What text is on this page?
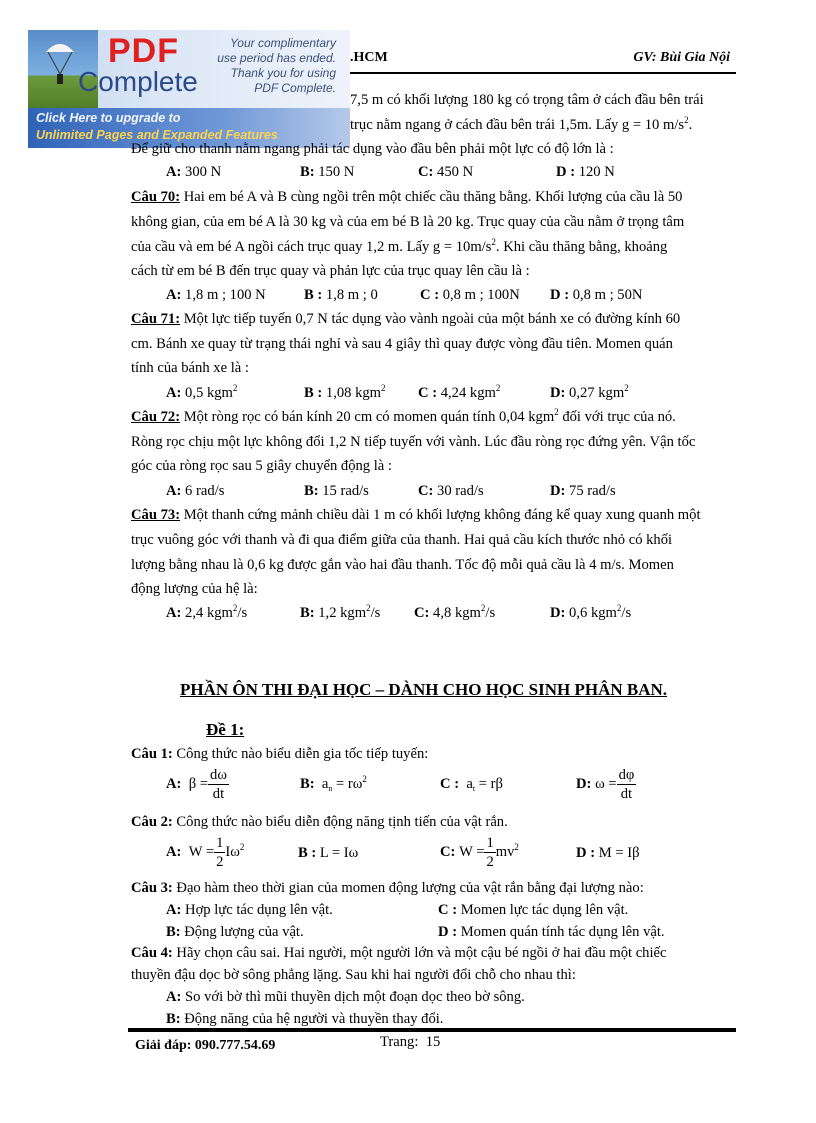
.HCM	GV: Bùi Gia Nội
PDF
Complete
Your complimentary
use period has ended.
Thank you for using
PDF Complete.
Click Here to upgrade to
Unlimited Pages and Expanded Features
7,5 m có khối lượng 180 kg có trọng tâm ở cách đầu bên trái
trục nằm ngang ở cách đầu bên trái 1,5m. Lấy g = 10 $m/s^2$.
Để giữ cho thanh nằm ngang phải tác dụng vào đầu bên phải một lực có độ lớn là :
A: 300 N	B: 150 N	C: 450 N	D : 120 N
Câu 70: Hai em bé A và B cùng ngồi trên một chiếc cầu thăng bằng. Khối lượng của cầu là 50
không gian, của em bé A là 30 kg và của em bé B là 20 kg. Trục quay của cầu nằm ở trọng tâm
của cầu và em bé A ngồi cách trục quay 1,2 m. Lấy $g = 10m/s^2$. Khi cầu thăng bằng, khoảng
cách từ em bé B đến trục quay và phản lực của trục quay lên cầu là :
A: 1,8 m ; 100 N	B : 1,8 m ; 0	C : 0,8 m ; 100N D : 0,8 m ; 50N
Câu 71: Một lực tiếp tuyến 0,7 N tác dụng vào vành ngoài của một bánh xe có đường kính 60
cm. Bánh xe quay từ trạng thái nghỉ và sau 4 giây thì quay được vòng đầu tiên. Momen quán
tính của bánh xe là :
A: 0,5 kgm$^2$	B : 1,08 kgm$^2$ C : 4,24 kgm$^2$	D: 0,27 kgm$^2$
Câu 72: Một ròng rọc có bán kính 20 cm có momen quán tính 0,04 kgm$^2$ đối với trục của nó.
Ròng rọc chịu một lực không đổi 1,2 N tiếp tuyến với vành. Lúc đầu ròng rọc đứng yên. Vận tốc
góc của ròng rọc sau 5 giây chuyển động là :
A: 6 rad/s	B: 15 rad/s	C: 30 rad/s	D: 75 rad/s
Câu 73: Một thanh cứng mảnh chiều dài 1 m có khối lượng không đáng kể quay xung quanh một
trục vuông góc với thanh và đi qua điểm giữa của thanh. Hai quả cầu kích thước nhỏ có khối
lượng bằng nhau là 0,6 kg được gắn vào hai đầu thanh. Tốc độ mỗi quả cầu là 4 m/s. Momen
động lượng của hệ là:
A: 2,4 kgm$^2$/s	B: 1,2 kgm$^2$/s C: 4,8 kgm$^2$/s	D: 0,6 kgm$^2$/s
PHẦN ÔN THI ĐẠI HỌC – DÀNH CHO HỌC SINH PHÂN BAN.
Đề 1:
Câu 1: Công thức nào biểu diễn gia tốc tiếp tuyến:
A: $\beta = \frac{d\omega}{dt}$	B:  $a_n = r\omega^2$	C :  $a_t = r\beta$	D: $\omega = \frac{d\varphi}{dt}$
Câu 2: Công thức nào biểu diễn động năng tịnh tiến của vật rắn.
A: $W = \frac{1}{2} I\omega^2$	B : L = Iω	C: $W = \frac{1}{2} mv^2$	D : M = Iβ
Câu 3: Đạo hàm theo thời gian của momen động lượng của vật rắn bằng đại lượng nào:
A: Hợp lực tác dụng lên vật.	C : Momen lực tác dụng lên vật.
B: Động lượng của vật.	D : Momen quán tính tác dụng lên vật.
Câu 4: Hãy chọn câu sai. Hai người, một người lớn và một cậu bé ngồi ở hai đầu một chiếc
thuyền đậu dọc bờ sông phẳng lặng. Sau khi hai người đổi chỗ cho nhau thì:
A: So với bờ thì mũi thuyền dịch một đoạn dọc theo bờ sông.
B: Động năng của hệ người và thuyền thay đổi.
Giải đáp: 090.777.54.69	Trang: 15
